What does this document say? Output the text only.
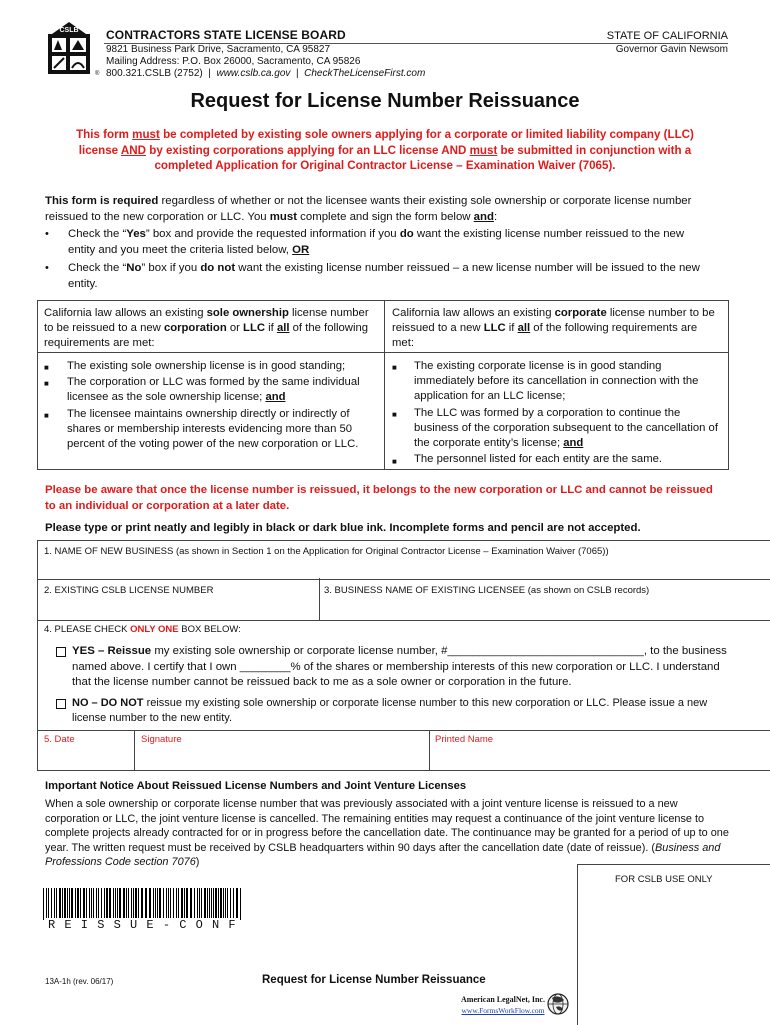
CSLB
®
CONTRACTORS STATE LICENSE BOARD
9821 Business Park Drive, Sacramento, CA 95827
Mailing Address: P.O. Box 26000, Sacramento, CA 95826
800.321.CSLB (2752) | www.cslb.ca.gov | CheckTheLicenseFirst.com
STATE OF CALIFORNIA
Governor Gavin Newsom
Request for License Number Reissuance
This form must be completed by existing sole owners applying for a corporate or limited liability company (LLC) license AND by existing corporations applying for an LLC license AND must be submitted in conjunction with a completed Application for Original Contractor License – Examination Waiver (7065).
This form is required regardless of whether or not the licensee wants their existing sole ownership or corporate license number reissued to the new corporation or LLC. You must complete and sign the form below and:
• Check the “Yes” box and provide the requested information if you do want the existing license number reissued to the new entity and you meet the criteria listed below, OR
• Check the “No” box if you do not want the existing license number reissued – a new license number will be issued to the new entity.
California law allows an existing sole ownership license number to be reissued to a new corporation or LLC if all of the following requirements are met:
■ The existing sole ownership license is in good standing;
■ The corporation or LLC was formed by the same individual licensee as the sole ownership license; and
■ The licensee maintains ownership directly or indirectly of shares or membership interests evidencing more than 50 percent of the voting power of the new corporation or LLC.
California law allows an existing corporate license number to be reissued to a new LLC if all of the following requirements are met:
■ The existing corporate license is in good standing immediately before its cancellation in connection with the application for an LLC license;
■ The LLC was formed by a corporation to continue the business of the corporation subsequent to the cancellation of the corporate entity’s license; and
■ The personnel listed for each entity are the same.
Please be aware that once the license number is reissued, it belongs to the new corporation or LLC and cannot be reissued to an individual or corporation at a later date.
Please type or print neatly and legibly in black or dark blue ink. Incomplete forms and pencil are not accepted.
1. NAME OF NEW BUSINESS (as shown in Section 1 on the Application for Original Contractor License – Examination Waiver (7065))
2. EXISTING CSLB LICENSE NUMBER	3. BUSINESS NAME OF EXISTING LICENSEE (as shown on CSLB records)
4. PLEASE CHECK ONLY ONE BOX BELOW:
YES – Reissue my existing sole ownership or corporate license number, #_______________________________, to the business named above. I certify that I own ________% of the shares or membership interests of this new corporation or LLC. I understand that the license number cannot be reissued back to me as a sole owner or corporation in the future.
NO – DO NOT reissue my existing sole ownership or corporate license number to this new corporation or LLC. Please issue a new license number to the new entity.
5. Date	Signature	Printed Name
Important Notice About Reissued License Numbers and Joint Venture Licenses
When a sole ownership or corporate license number that was previously associated with a joint venture license is reissued to a new corporation or LLC, the joint venture license is cancelled. The remaining entities may request a continuance of the joint venture license to complete projects already contracted for or in progress before the cancellation date. The continuance may be granted for a period of up to one year. The written request must be received by CSLB headquarters within 90 days after the cancellation date (date of reissue). (Business and Professions Code section 7076)
FOR CSLB USE ONLY
R E I S S U E - C O N F
13A-1h (rev. 06/17)	Request for License Number Reissuance
American LegalNet, Inc.
www.FormsWorkFlow.com
